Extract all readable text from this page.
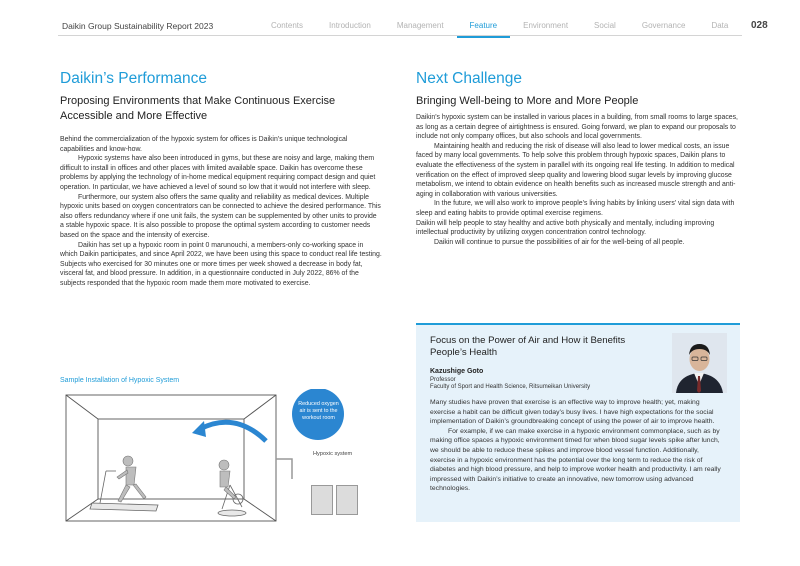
Daikin Group Sustainability Report 2023	Contents	Introduction	Management	Feature	Environment	Social	Governance	Data	028
Daikin’s Performance
Proposing Environments that Make Continuous Exercise Accessible and More Effective

Behind the commercialization of the hypoxic system for offices is Daikin’s unique technological capabilities and know-how.

Hypoxic systems have also been introduced in gyms, but these are noisy and large, making them difficult to install in offices and other places with limited available space. Daikin has overcome these problems by applying the technology of in-home medical equipment requiring compact design and quiet operation. In particular, we have achieved a level of sound so low that it would not interfere with sleep.

Furthermore, our system also offers the same quality and reliability as medical devices. Multiple hypoxic units based on oxygen concentrators can be connected to achieve the desired performance. This also offers redundancy where if one unit fails, the system can be supplemented by other units to provide a stable hypoxic space. It is also possible to propose the optimal system according to customer needs based on the space and the intensity of exercise.

Daikin has set up a hypoxic room in point 0 marunouchi, a members-only co-working space in which Daikin participates, and since April 2022, we have been using this space to conduct real life testing. Subjects who exercised for 30 minutes one or more times per week showed a decrease in body fat, visceral fat, and blood pressure. In addition, in a questionnaire conducted in July 2022, 86% of the subjects responded that the hypoxic room made them more motivated to exercise.

Sample Installation of Hypoxic System
Reduced oxygen air is sent to the workout room
Hypoxic system
Next Challenge
Bringing Well-being to More and More People

Daikin’s hypoxic system can be installed in various places in a building, from small rooms to large spaces, as long as a certain degree of airtightness is ensured. Going forward, we plan to expand our proposals to include not only company offices, but also schools and local governments.

Maintaining health and reducing the risk of disease will also lead to lower medical costs, an issue faced by many local governments. To help solve this problem through hypoxic spaces, Daikin plans to evaluate the effectiveness of the system in parallel with its ongoing real life testing. In addition to medical verification on the effect of improved sleep quality and lowering blood sugar levels by improving glucose metabolism, we intend to obtain evidence on health benefits such as increased muscle strength and anti-aging in collaboration with various universities.

In the future, we will also work to improve people’s living habits by linking users’ vital sign data with sleep and eating habits to provide optimal exercise regimens.

Daikin will help people to stay healthy and active both physically and mentally, including improving intellectual productivity by utilizing oxygen concentration control technology.

Daikin will continue to pursue the possibilities of air for the well-being of all people.

Focus on the Power of Air and How it Benefits People’s Health
Kazushige Goto
Professor
Faculty of Sport and Health Science, Ritsumeikan University

Many studies have proven that exercise is an effective way to improve health; yet, making exercise a habit can be difficult given today’s busy lives. I have high expectations for the social implementation of Daikin’s groundbreaking concept of using the power of air to improve health.

For example, if we can make exercise in a hypoxic environment commonplace, such as by making office spaces a hypoxic environment timed for when blood sugar levels spike after lunch, we should be able to reduce these spikes and improve blood vessel function. Additionally, exercise in a hypoxic environment has the potential over the long term to reduce the risk of diabetes and high blood pressure, and help to improve worker health and productivity. I am really impressed with Daikin’s initiative to create an innovative, new tomorrow using advanced technologies.
